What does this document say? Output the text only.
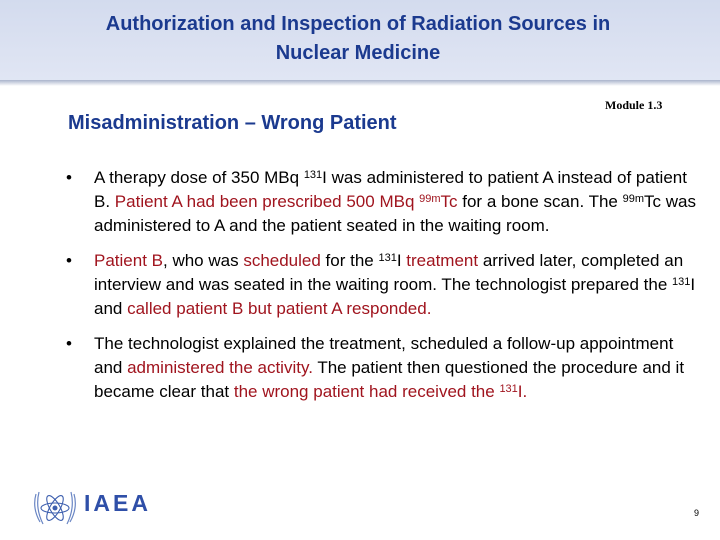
Authorization and Inspection of Radiation Sources in
Nuclear Medicine
Misadministration – Wrong Patient
Module 1.3
• A therapy dose of 350 MBq $^{131}$I was administered to patient A instead of patient B. Patient A had been prescribed 500 MBq $^{99m}$Tc for a bone scan. The $^{99m}$Tc was administered to A and the patient seated in the waiting room.
• Patient B, who was scheduled for the $^{131}$I treatment arrived later, completed an interview and was seated in the waiting room. The technologist prepared the $^{131}$I and called patient B but patient A responded.
• The technologist explained the treatment, scheduled a follow-up appointment and administered the activity. The patient then questioned the procedure and it became clear that the wrong patient had received the $^{131}$I.
IAEA	9
